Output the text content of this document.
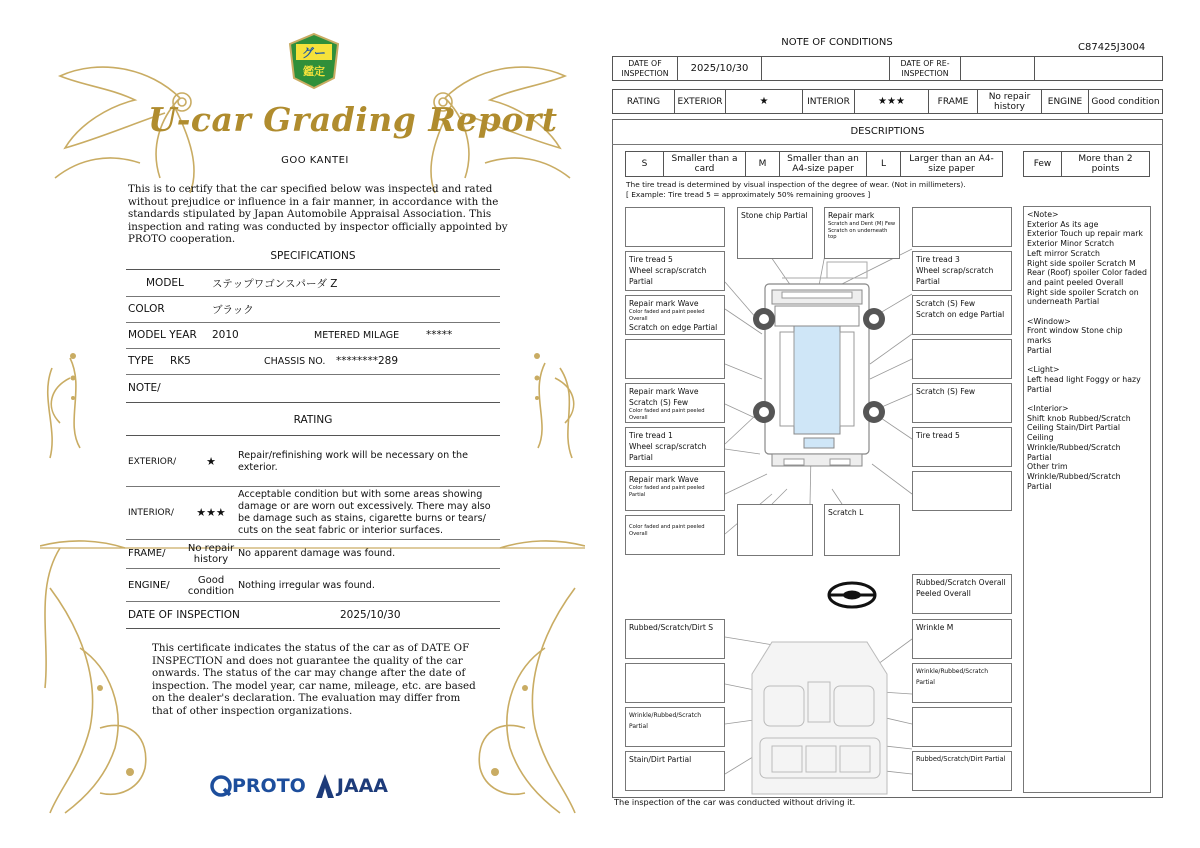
グー
鑑定
U-car Grading Report
GOO KANTEI
This is to certify that the car specified below was inspected and rated without prejudice or influence in a fair manner, in accordance with the standards stipulated by Japan Automobile Appraisal Association. This inspection and rating was conducted by inspector officially appointed by PROTO cooperation.
SPECIFICATIONS
MODEL	ステップワゴンスパーダ Z
COLOR	ブラック
MODEL YEAR	2010	METERED MILAGE	*****
TYPE	RK5	CHASSIS NO.	********289
NOTE/
RATING
EXTERIOR/	★	Repair/refinishing work will be necessary on the exterior.
INTERIOR/	★★★
Acceptable condition but with some areas showing damage or are worn out excessively. There may also be damage such as stains, cigarette burns or tears/ cuts on the seat fabric or interior surfaces.
FRAME/	No repair history
No apparent damage was found.
ENGINE/	Good condition
Nothing irregular was found.
DATE OF INSPECTION	2025/10/30
This certificate indicates the status of the car as of DATE OF INSPECTION and does not guarantee the quality of the car onwards. The status of the car may change after the date of inspection. The model year, car name, mileage, etc. are based on the dealer's declaration. The evaluation may differ from that of other inspection organizations.
PROTO JAAA
NOTE OF CONDITIONS	C87425J3004
DATE OF INSPECTION	2025/10/30		DATE OF RE-INSPECTION		
RATING	EXTERIOR	★	INTERIOR	★★★	FRAME	No repair history	ENGINE	Good condition
DESCRIPTIONS
S	Smaller than a card	M	Smaller than an A4-size paper	L	Larger than an A4-size paper	Few	More than 2 points
The tire tread is determined by visual inspection of the degree of wear. (Not in millimeters).
[ Example: Tire tread 5 = approximately 50% remaining grooves ]
Stone chip Partial	Repair mark
Scratch and Dent (M) Few Scratch on underneath top
Tire tread 5
Wheel scrap/scratch Partial
Tire tread 3
Wheel scrap/scratch Partial
Repair mark Wave
Color faded and paint peeled Overall
Scratch on edge Partial
Scratch (S) Few
Scratch on edge Partial
Repair mark Wave
Scratch (S) Few
Color faded and paint peeled Overall
Scratch (S) Few
Tire tread 1
Wheel scrap/scratch Partial
Tire tread 5
Repair mark Wave
Color faded and paint peeled Partial
Color faded and paint peeled Overall
Scratch L
Rubbed/Scratch Overall
Peeled Overall
Rubbed/Scratch/Dirt S	Wrinkle M
Wrinkle/Rubbed/Scratch Partial
Wrinkle/Rubbed/Scratch Partial
Stain/Dirt Partial	Rubbed/Scratch/Dirt Partial
<Note>
Exterior As its age
Exterior Touch up repair mark
Exterior Minor Scratch
Left mirror Scratch
Right side spoiler Scratch M
Rear (Roof) spoiler Color faded
and paint peeled Overall
Right side spoiler Scratch on
underneath Partial
<Window>
Front window Stone chip marks
Partial
<Light>
Left head light Foggy or hazy
Partial
<Interior>
Shift knob Rubbed/Scratch
Ceiling Stain/Dirt Partial
Ceiling
Wrinkle/Rubbed/Scratch
Partial
Other trim
Wrinkle/Rubbed/Scratch
Partial
The inspection of the car was conducted without driving it.
